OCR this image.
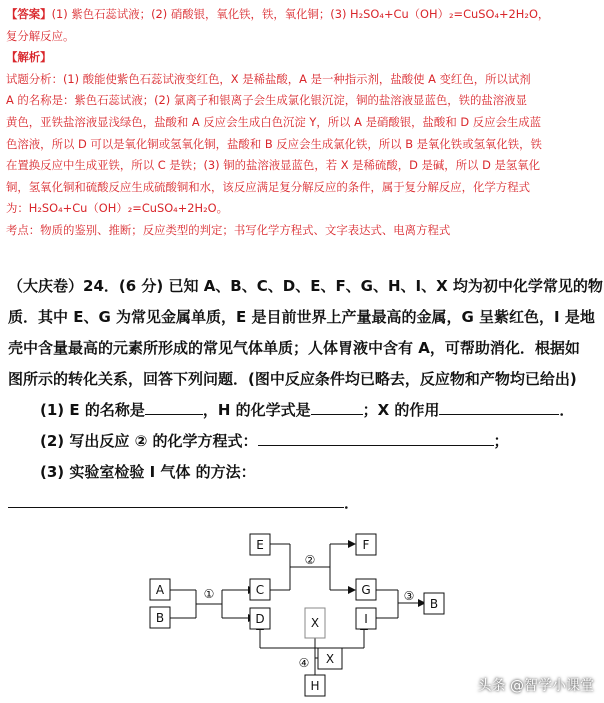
【答案】(1) 紫色石蕊试液；(2) 硝酸银，氧化铁，铁，氧化铜；(3) H₂SO₄+Cu（OH）₂=CuSO₄+2H₂O，

复分解反应。

【解析】

试题分析：(1) 酸能使紫色石蕊试液变红色，X 是稀盐酸，A 是一种指示剂，盐酸使 A 变红色，所以试剂

A 的名称是：紫色石蕊试液；(2) 氯离子和银离子会生成氯化银沉淀，铜的盐溶液显蓝色，铁的盐溶液显

黄色，亚铁盐溶液显浅绿色，盐酸和 A 反应会生成白色沉淀 Y，所以 A 是硝酸银，盐酸和 D 反应会生成蓝

色溶液，所以 D 可以是氧化铜或氢氧化铜，盐酸和 B 反应会生成氯化铁，所以 B 是氧化铁或氢氧化铁，铁

在置换反应中生成亚铁，所以 C 是铁；(3) 铜的盐溶液显蓝色，若 X 是稀硫酸，D 是碱，所以 D 是氢氧化

铜，氢氧化铜和硫酸反应生成硫酸铜和水，该反应满足复分解反应的条件，属于复分解反应，化学方程式

为：H₂SO₄+Cu（OH）₂=CuSO₄+2H₂O。

考点：物质的鉴别、推断；反应类型的判定；书写化学方程式、文字表达式、电离方程式

（大庆卷）24．(6 分) 已知 A、B、C、D、E、F、G、H、I、X 均为初中化学常见的物

质．其中 E、G 为常见金属单质，E 是目前世界上产量最高的金属，G 呈紫红色，I 是地

壳中含量最高的元素所形成的常见气体单质；人体胃液中含有 A，可帮助消化．根据如

图所示的转化关系，回答下列问题．(图中反应条件均已略去，反应物和产物均已给出)

(1) E 的名称是	，H 的化学式是	；X 的作用	．

(2) 写出反应 ② 的化学方程式：	；

(3) 实验室检验 I 气体 的方法：

．

A
B
C
D
E	F
G
X	I
B
X
H
①
②
③
④
头条 @智学小课堂
